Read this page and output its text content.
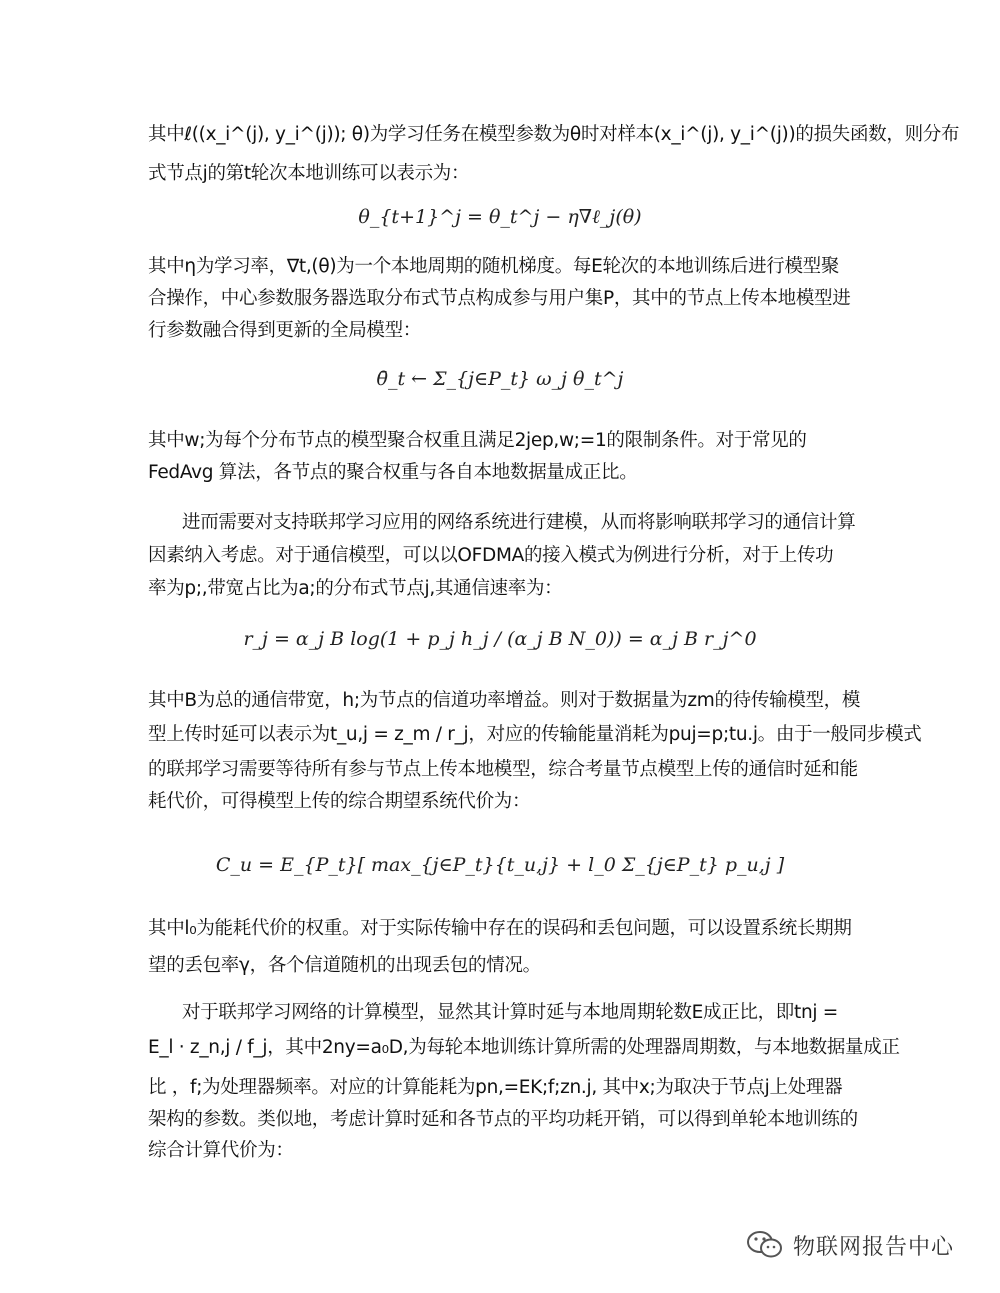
其中ℓ((x_i^(j), y_i^(j)); θ)为学习任务在模型参数为θ时对样本(x_i^(j), y_i^(j))的损失函数，则分布
式节点j的第t轮次本地训练可以表示为：
θ_{t+1}^j = θ_t^j − η∇ℓ_j(θ)
其中η为学习率，∇t,(θ)为一个本地周期的随机梯度。每E轮次的本地训练后进行模型聚
合操作，中心参数服务器选取分布式节点构成参与用户集P，其中的节点上传本地模型进
行参数融合得到更新的全局模型：
θ̄_t ← Σ_{j∈P_t} ω_j θ_t^j
其中w;为每个分布节点的模型聚合权重且满足2jep,w;=1的限制条件。对于常见的
FedAvg 算法，各节点的聚合权重与各自本地数据量成正比。
进而需要对支持联邦学习应用的网络系统进行建模，从而将影响联邦学习的通信计算
因素纳入考虑。对于通信模型，可以以OFDMA的接入模式为例进行分析，对于上传功
率为p;,带宽占比为a;的分布式节点j,其通信速率为：
r_j = α_j B log(1 + p_j h_j / (α_j B N_0)) = α_j B r_j^0
其中B为总的通信带宽，h;为节点的信道功率增益。则对于数据量为zm的待传输模型，模
型上传时延可以表示为t_u,j = z_m / r_j，对应的传输能量消耗为puj=p;tu.j。由于一般同步模式
的联邦学习需要等待所有参与节点上传本地模型，综合考量节点模型上传的通信时延和能
耗代价，可得模型上传的综合期望系统代价为：
C_u = E_{P_t}[ max_{j∈P_t}{t_u,j} + l_0 Σ_{j∈P_t} p_u,j ]
其中l₀为能耗代价的权重。对于实际传输中存在的误码和丢包问题，可以设置系统长期期
望的丢包率γ，各个信道随机的出现丢包的情况。
对于联邦学习网络的计算模型，显然其计算时延与本地周期轮数E成正比，即tnj =
E_l · z_n,j / f_j，其中2ny=a₀D,为每轮本地训练计算所需的处理器周期数，与本地数据量成正
比 ，f;为处理器频率。对应的计算能耗为pn,=EK;f;zn.j, 其中x;为取决于节点j上处理器
架构的参数。类似地，考虑计算时延和各节点的平均功耗开销，可以得到单轮本地训练的
综合计算代价为：
物联网报告中心
